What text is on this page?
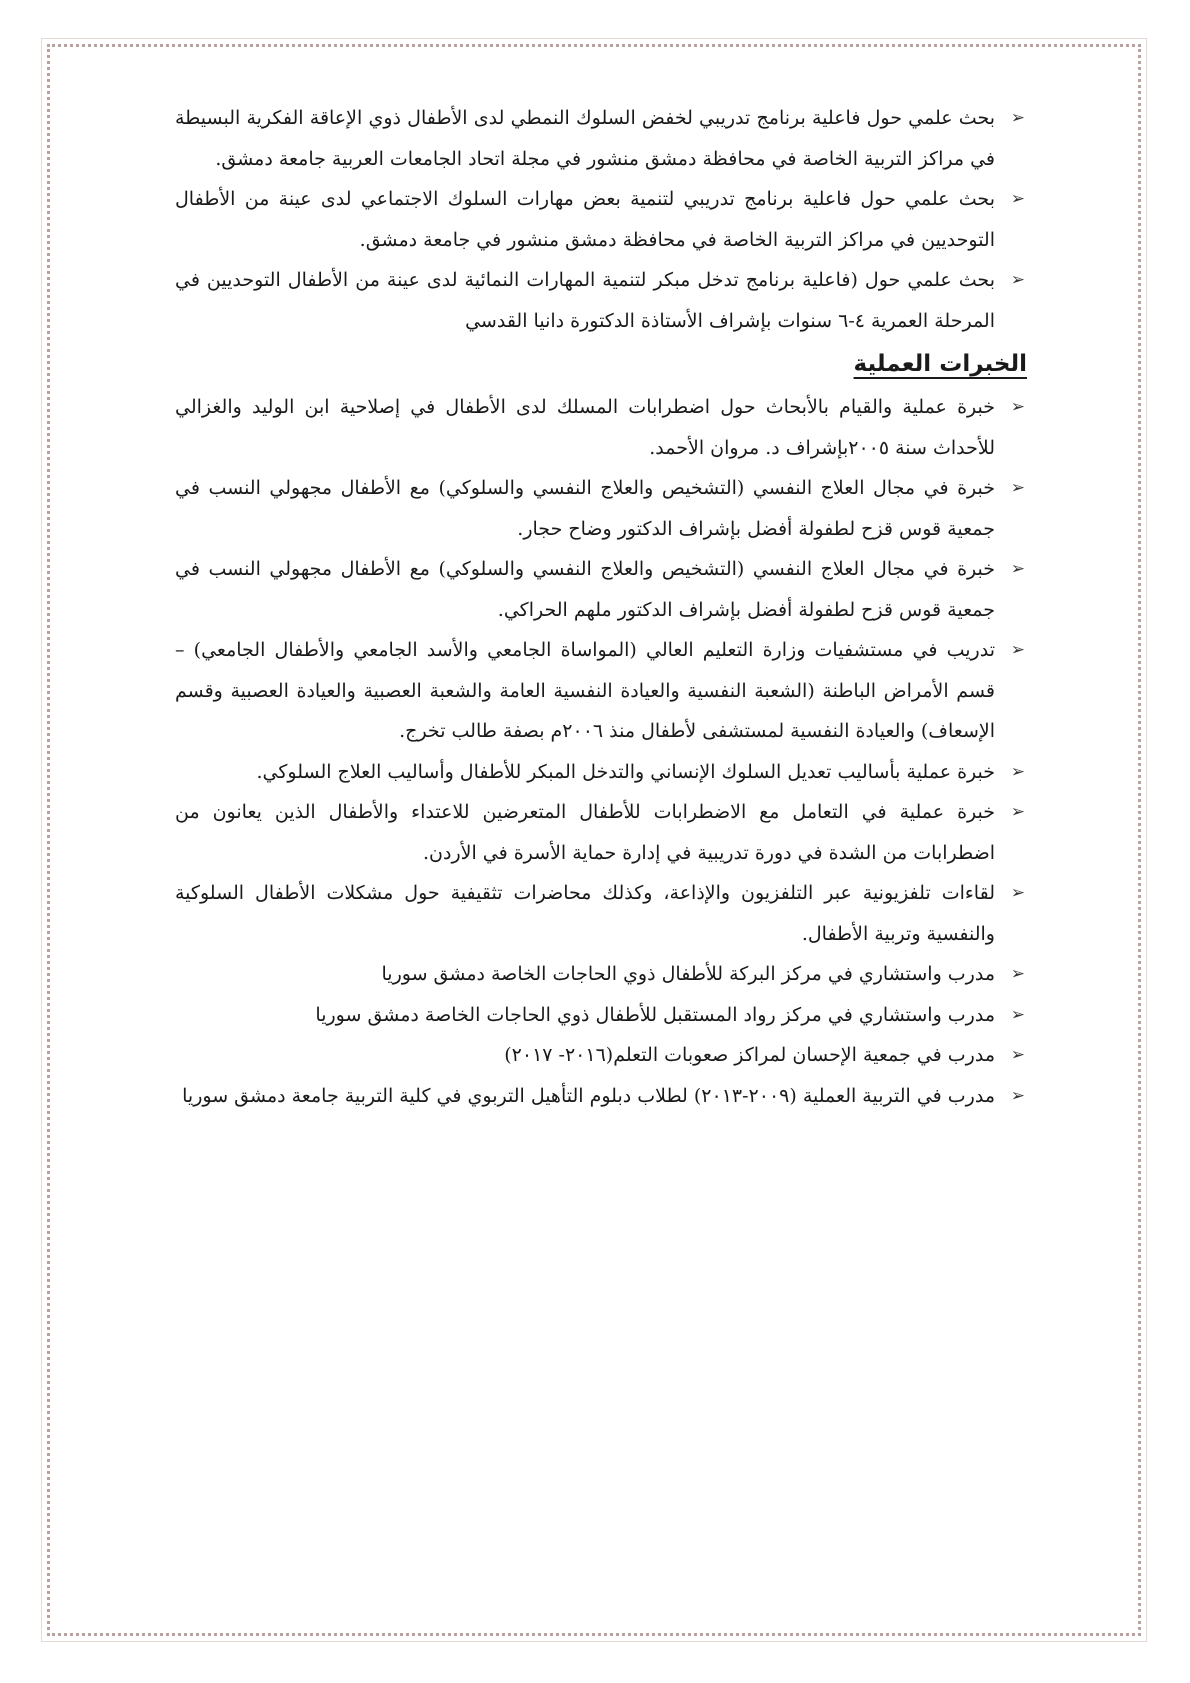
➢
بحث علمي حول فاعلية برنامج تدريبي لخفض السلوك النمطي لدى الأطفال ذوي الإعاقة الفكرية البسيطة في مراكز التربية الخاصة في محافظة دمشق منشور في مجلة اتحاد الجامعات العربية جامعة دمشق.
➢
بحث علمي حول فاعلية برنامج تدريبي لتنمية بعض مهارات السلوك الاجتماعي لدى عينة من الأطفال التوحديين في مراكز التربية الخاصة في محافظة دمشق منشور في جامعة دمشق.
➢
بحث علمي حول (فاعلية برنامج تدخل مبكر لتنمية المهارات النمائية لدى عينة من الأطفال التوحديين في المرحلة العمرية ٤-٦ سنوات بإشراف الأستاذة الدكتورة دانيا القدسي
الخبرات العملية
➢
خبرة عملية والقيام بالأبحاث حول اضطرابات المسلك لدى الأطفال في إصلاحية ابن الوليد والغزالي للأحداث سنة ٢٠٠٥بإشراف د. مروان الأحمد.
➢
خبرة في مجال العلاج النفسي (التشخيص والعلاج النفسي والسلوكي) مع الأطفال مجهولي النسب في جمعية قوس قزح لطفولة أفضل بإشراف الدكتور وضاح حجار.
➢
خبرة في مجال العلاج النفسي (التشخيص والعلاج النفسي والسلوكي) مع الأطفال مجهولي النسب في جمعية قوس قزح لطفولة أفضل بإشراف الدكتور ملهم الحراكي.
➢
تدريب في مستشفيات وزارة التعليم العالي (المواساة الجامعي والأسد الجامعي والأطفال الجامعي) – قسم الأمراض الباطنة (الشعبة النفسية والعيادة النفسية العامة والشعبة العصبية والعيادة العصبية وقسم الإسعاف) والعيادة النفسية لمستشفى لأطفال منذ ٢٠٠٦م بصفة طالب تخرج.
➢
خبرة عملية بأساليب تعديل السلوك الإنساني والتدخل المبكر للأطفال وأساليب العلاج السلوكي.
➢
خبرة عملية في التعامل مع الاضطرابات للأطفال المتعرضين للاعتداء والأطفال الذين يعانون من اضطرابات من الشدة في دورة تدريبية في إدارة حماية الأسرة في الأردن.
➢
لقاءات تلفزيونية عبر التلفزيون والإذاعة، وكذلك محاضرات تثقيفية حول مشكلات الأطفال السلوكية والنفسية وتربية الأطفال.
➢
مدرب واستشاري في مركز البركة للأطفال ذوي الحاجات الخاصة دمشق سوريا
➢
مدرب واستشاري في مركز رواد المستقبل للأطفال ذوي الحاجات الخاصة دمشق سوريا
➢
مدرب في جمعية الإحسان لمراكز صعوبات التعلم(٢٠١٦- ٢٠١٧)
➢
مدرب في التربية العملية (٢٠٠٩-٢٠١٣) لطلاب دبلوم التأهيل التربوي في كلية التربية جامعة دمشق سوريا
